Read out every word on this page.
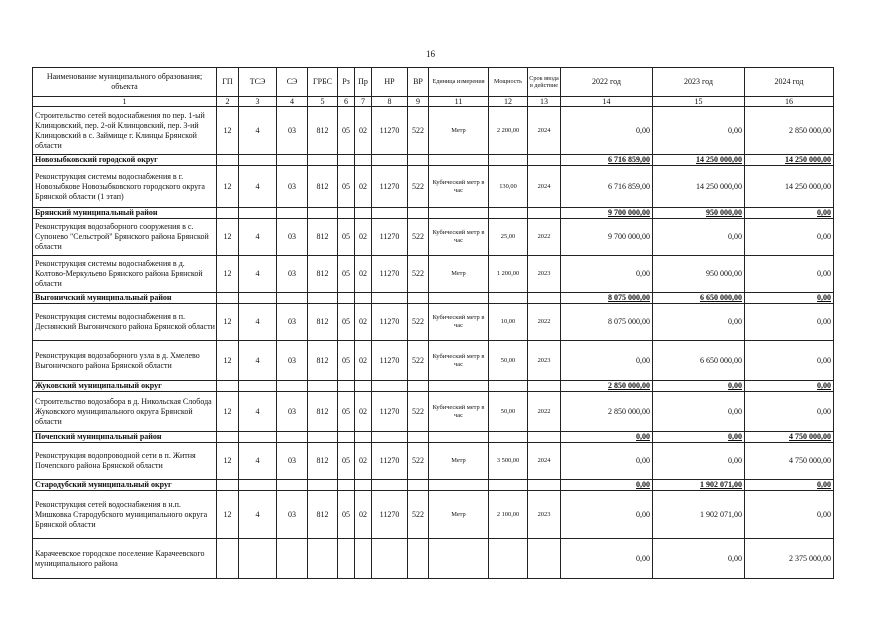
16
Наименование муниципального образования; объекта	ГП	ТСЭ	СЭ	ГРБС	Рз	Пр	НР	ВР	Единица измерения	Мощность	Срок ввода в действие	2022 год	2023 год	2024 год
1	2	3	4	5	6	7	8	9	11	12	13	14	15	16
Строительство сетей водоснабжения по пер. 1-ый Клинцовский, пер. 2-ой Клинцовский, пер. 3-ий Клинцовский в с. Займище г. Клинцы Брянской области	12	4	03	812	05	02	11270	522	Метр	2 200,00	2024	0,00	0,00	2 850 000,00
Новозыбковский городской округ												6 716 859,00	14 250 000,00	14 250 000,00
Реконструкция системы водоснабжения в г. Новозыбкове Новозыбковского городского округа Брянской области (1 этап)	12	4	03	812	05	02	11270	522	Кубический метр в час	130,00	2024	6 716 859,00	14 250 000,00	14 250 000,00
Брянский муниципальный район												9 700 000,00	950 000,00	0,00
Реконструкция водозаборного сооружения в с. Супонево "Сельстрой" Брянского района Брянской области	12	4	03	812	05	02	11270	522	Кубический метр в час	25,00	2022	9 700 000,00	0,00	0,00
Реконструкция системы водоснабжения в д. Колтово-Меркульево Брянского района Брянской области	12	4	03	812	05	02	11270	522	Метр	1 200,00	2023	0,00	950 000,00	0,00
Выгоничский муниципальный район												8 075 000,00	6 650 000,00	0,00
Реконструкция системы водоснабжения в п. Деснянский Выгоничского района Брянской области	12	4	03	812	05	02	11270	522	Кубический метр в час	10,00	2022	8 075 000,00	0,00	0,00
Реконструкция водозаборного узла в д. Хмелево Выгоничского района Брянской области	12	4	03	812	05	02	11270	522	Кубический метр в час	50,00	2023	0,00	6 650 000,00	0,00
Жуковский муниципальный округ												2 850 000,00	0,00	0,00
Строительство водозабора в д. Никольская Слобода Жуковского муниципального округа Брянской области	12	4	03	812	05	02	11270	522	Кубический метр в час	50,00	2022	2 850 000,00	0,00	0,00
Почепский муниципальный район												0,00	0,00	4 750 000,00
Реконструкция водопроводной сети в п. Житня Почепского района Брянской области	12	4	03	812	05	02	11270	522	Метр	3 500,00	2024	0,00	0,00	4 750 000,00
Стародубский муниципальный округ												0,00	1 902 071,00	0,00
Реконструкция сетей водоснабжения в н.п. Мишковка Стародубского муниципального округа Брянской области	12	4	03	812	05	02	11270	522	Метр	2 100,00	2023	0,00	1 902 071,00	0,00
Карачеевское городское поселение Карачеевского муниципального района												0,00	0,00	2 375 000,00
